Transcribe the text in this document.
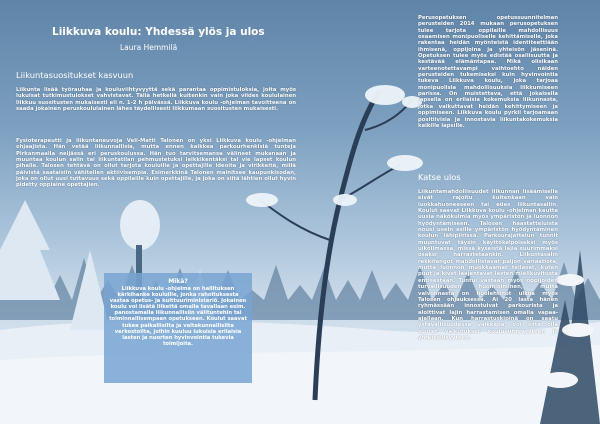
Liikkuva koulu: Yhdessä ylös ja ulos
Laura Hemmilä
Liikuntasuositukset kasvuun

Liikunta lisää työrauhaa ja kouluviihtyvyyttä sekä parantaa oppimistuloksia, joita myös lukuisat tutkimustulokset vahvistavat. Tällä hetkellä kuitenkin vain joka viides koululainen liikkuu suositusten mukaisesti eli n. 1-2 h päivässä. Liikkuva koulu -ohjelman tavoitteena on saada jokainen peruskoululainen lähes täydellisesti liikkumaan suositusten mukaisesti.

Fysioterapeutti ja liikuntaneuvoja Veli-Matti Talonen on yksi Liikkuva koulu -ohjelman ohjaajista. Hän vetää liikunnallisia, mutta ennen kaikkea parkourhenkisiä tunteja Pirkanmaalla neljässä eri peruskoulussa. Hän tuo tarvitsemansa välineet mukanaan ja muuntaa koulun salin tai liikuntatilan pehmustetuksi leikkikentäksi tai vie lapset koulun pihalle. Talosen tehtävä on ollut tarjota kouluille ja opettajille ideoita ja virikkeitä, millä päivistä saataisiin vähitellen aktiivisempia. Esimerkkinä Talonen mainitsee kaupunkisodan, joka on ollut uusi tuttavuus sekä oppilaille kuin opettajille, ja joka on siitä lähtien ollut hyvin pidetty oppiaine opettajien.

Mikä?
Liikkuva koulu -ohjelma on hallituksen kärkihanke kouluille, jonka rahoituksesta vastaa opetus- ja kulttuuriministeriö. Jokainen koulu voi lisätä liikettä omalla tavallaan esim. panostamalla liikunnallisiin välituntehin tai toiminnallisempaan opetukseen. Koulut saavat tukea paikallisilta ja valtakunnallisilta verkostoilta, joihin kuuluu lukuisia erilaisia lasten ja nuorten hyvinvointia tukevia toimijoita.

Perusopetuksen opetussuunnitelman perusteiden 2014 mukaan perusopetuksen tulee tarjota oppilaille mahdollisuus osaamisen monipuoliselle kehittämiselle, joka rakentaa heidän myönteistä identiteettiään ihmisenä, oppijoina ja yhteisön jäseninä. Opetuksen tulee myös edistää osallisuutta ja kestävää elämäntapaa. Mikä olisikaan varteenotettavampi vaihtoehto näiden perusteiden tukemiseksi kuin hyvinvointia tukeva Liikkuva koulu, joka tarjoaa monipuolisia mahdollisuuksia liikkumiseen parissa. On muistettava, että jokaisella lapsella on erilaisia kokemuksia liikunnasta, jotka vaikuttavat heidän kehittymiseen ja oppimiseen. Liikkuva koulu pyrkii tarjoamaan positiivisia ja innostavia liikuntakokemuksia kaikille lapsille.

Katse ulos

Liikuntamahdollisuudet liikunnan lisäämiselle eivät rajoitu kuitenkaan vain luokkahuoneeseen tai edes liikuntasaliin. Koulut saavat Liikkuva koulu -ohjelman kautta uusia näkökulmia myös ympäristön ja luonnon hyödyntämiseen. Talosen haastatteluista nousi usein esille ympäristön hyödyntäminen koulun lähipiirissä. Parkourajattelun tunnit muuntuvat täysin käyttökelpoiseksi myös ulkoilmassa, missä kyseistä lajia suurimmaksi osaksi harrastetaankin. Liikuntasalin rekkitangot mahdollistavat paljon variaatiota, mutta luonnon muokkaamat tellaset, kuten puut ja kivet laajentavat lasten mielikuvitusta entisestään. Tuntui vastaan myös oppijoiden turvallisuuden huomioiminen, mutta valvonnasta on huolehtinut ulkoa myös Talosen ohjauksessa. Ai 20 lasta hänen ryhmässään innostuivat parkourista ja aloittivat lajin harrastamisen omalla vapaa-ajallaan. Kun harrastuskipinä on saatu ystävällisuudessa vaikkapa, voi siitä olla suuret vaikutukset kouluviihtyvyyteen ja yhteisöllisyyteen.
